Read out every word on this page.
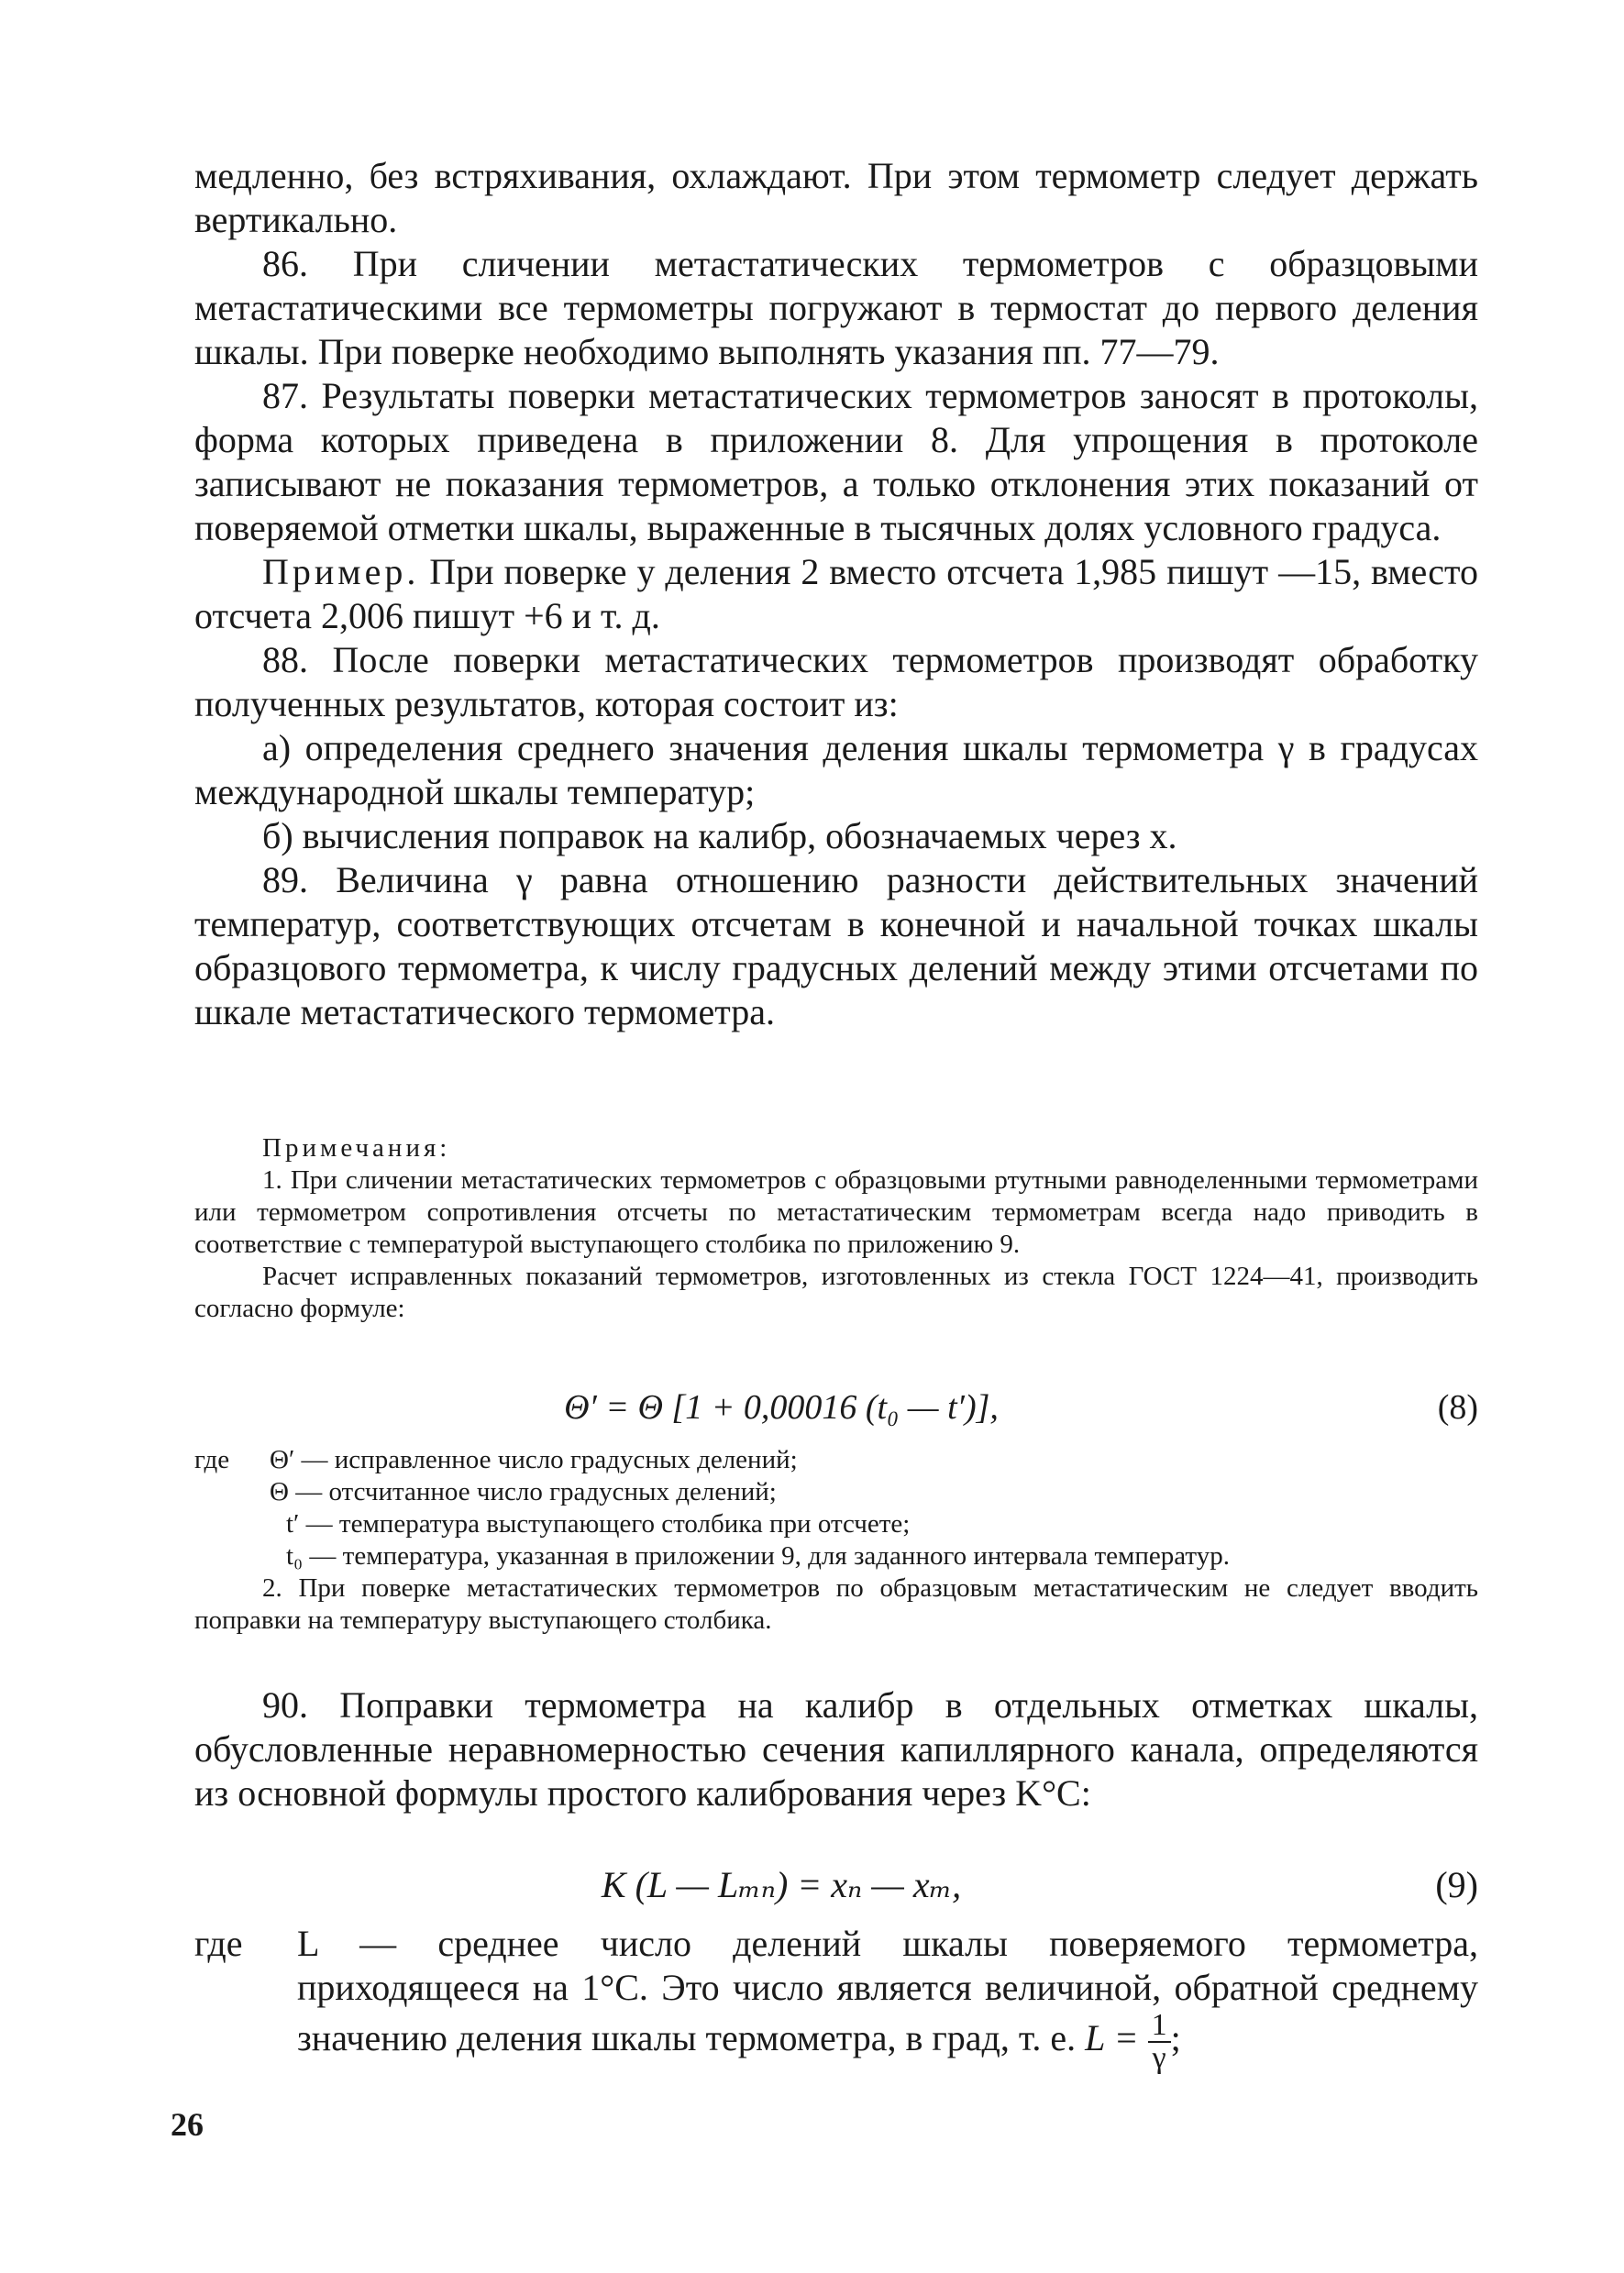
медленно, без встряхивания, охлаждают. При этом термометр следует держать вертикально.

86. При сличении метастатических термометров с образцовыми метастатическими все термометры погружают в термостат до первого деления шкалы. При поверке необходимо выполнять указания пп. 77—79.

87. Результаты поверки метастатических термометров заносят в протоколы, форма которых приведена в приложении 8. Для упрощения в протоколе записывают не показания термометров, а только отклонения этих показаний от поверяемой отметки шкалы, выраженные в тысячных долях условного градуса.

Пример. При поверке у деления 2 вместо отсчета 1,985 пишут —15, вместо отсчета 2,006 пишут +6 и т. д.

88. После поверки метастатических термометров производят обработку полученных результатов, которая состоит из:

а) определения среднего значения деления шкалы термометра γ в градусах международной шкалы температур;

б) вычисления поправок на калибр, обозначаемых через x.

89. Величина γ равна отношению разности действительных значений температур, соответствующих отсчетам в конечной и начальной точках шкалы образцового термометра, к числу градусных делений между этими отсчетами по шкале метастатического термометра.

Примечания:

1. При сличении метастатических термометров с образцовыми ртутными равноделенными термометрами или термометром сопротивления отсчеты по метастатическим термометрам всегда надо приводить в соответствие с температурой выступающего столбика по приложению 9.

Расчет исправленных показаний термометров, изготовленных из стекла ГОСТ 1224—41, производить согласно формуле:

Θ′ = Θ [1 + 0,00016 (t₀ — t′)],	(8)
где	Θ′ — исправленное число градусных делений;

Θ — отсчитанное число градусных делений;

t′ — температура выступающего столбика при отсчете;

t₀ — температура, указанная в приложении 9, для заданного интервала температур.

2. При поверке метастатических термометров по образцовым метастатическим не следует вводить поправки на температуру выступающего столбика.

90. Поправки термометра на калибр в отдельных отметках шкалы, обусловленные неравномерностью сечения капиллярного канала, определяются из основной формулы простого калибрования через K°C:

K (L — Lₘₙ) = xₙ — xₘ,	(9)
где	L — среднее число делений шкалы поверяемого термометра, приходящееся на 1°C. Это число является величиной, обратной среднему значению деления шкалы термометра, в град, т. е. $L = \frac{1}{\gamma}$ ;
26
